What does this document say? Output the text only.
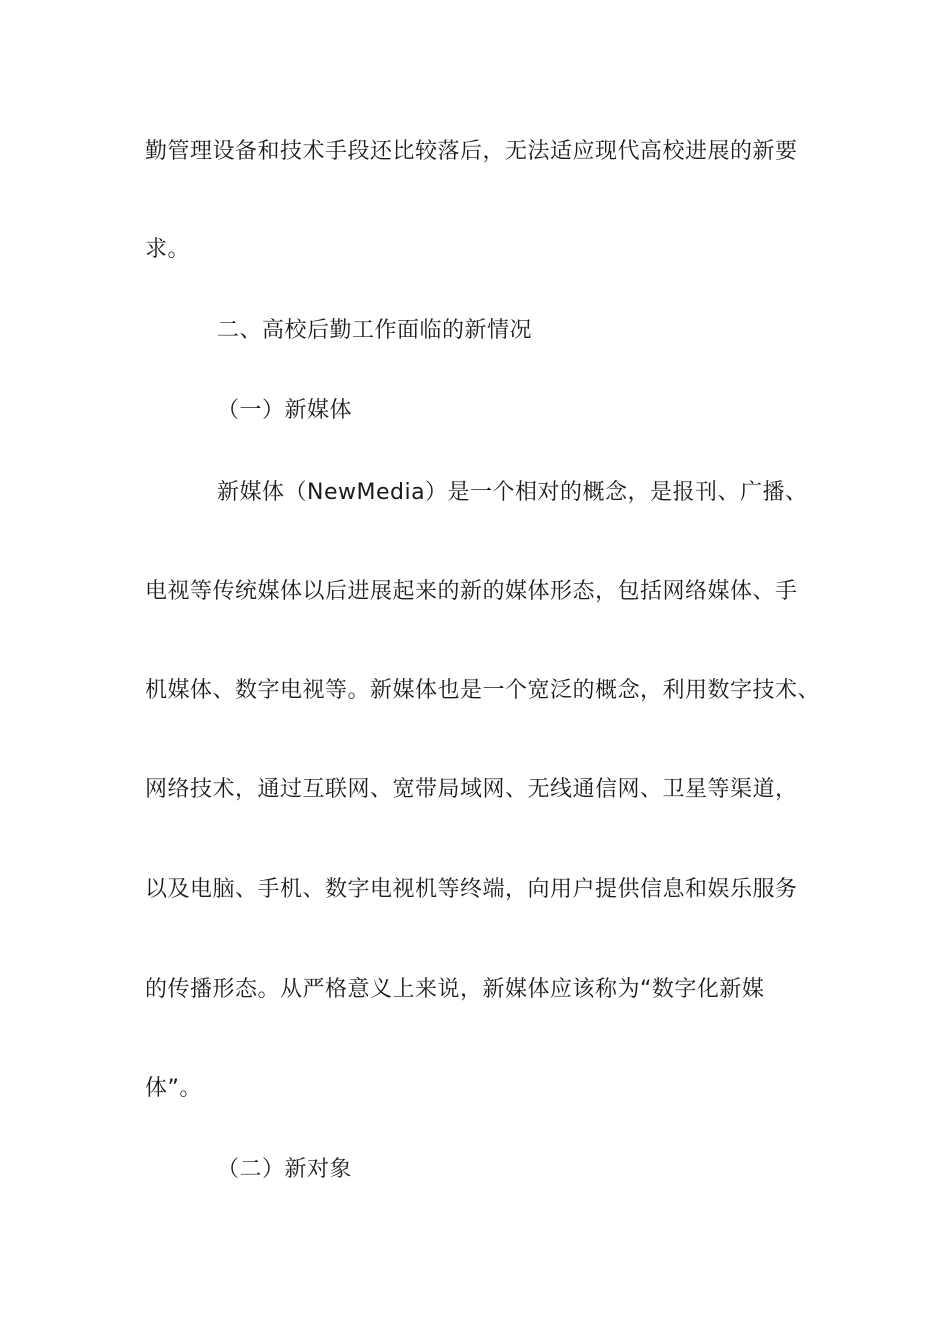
勤管理设备和技术手段还比较落后，无法适应现代高校进展的新要
求。
二、高校后勤工作面临的新情况
（一）新媒体
新媒体（NewMedia）是一个相对的概念，是报刊、广播、
电视等传统媒体以后进展起来的新的媒体形态，包括网络媒体、手
机媒体、数字电视等。新媒体也是一个宽泛的概念，利用数字技术、
网络技术，通过互联网、宽带局域网、无线通信网、卫星等渠道，
以及电脑、手机、数字电视机等终端，向用户提供信息和娱乐服务
的传播形态。从严格意义上来说，新媒体应该称为“数字化新媒
体”。
（二）新对象
